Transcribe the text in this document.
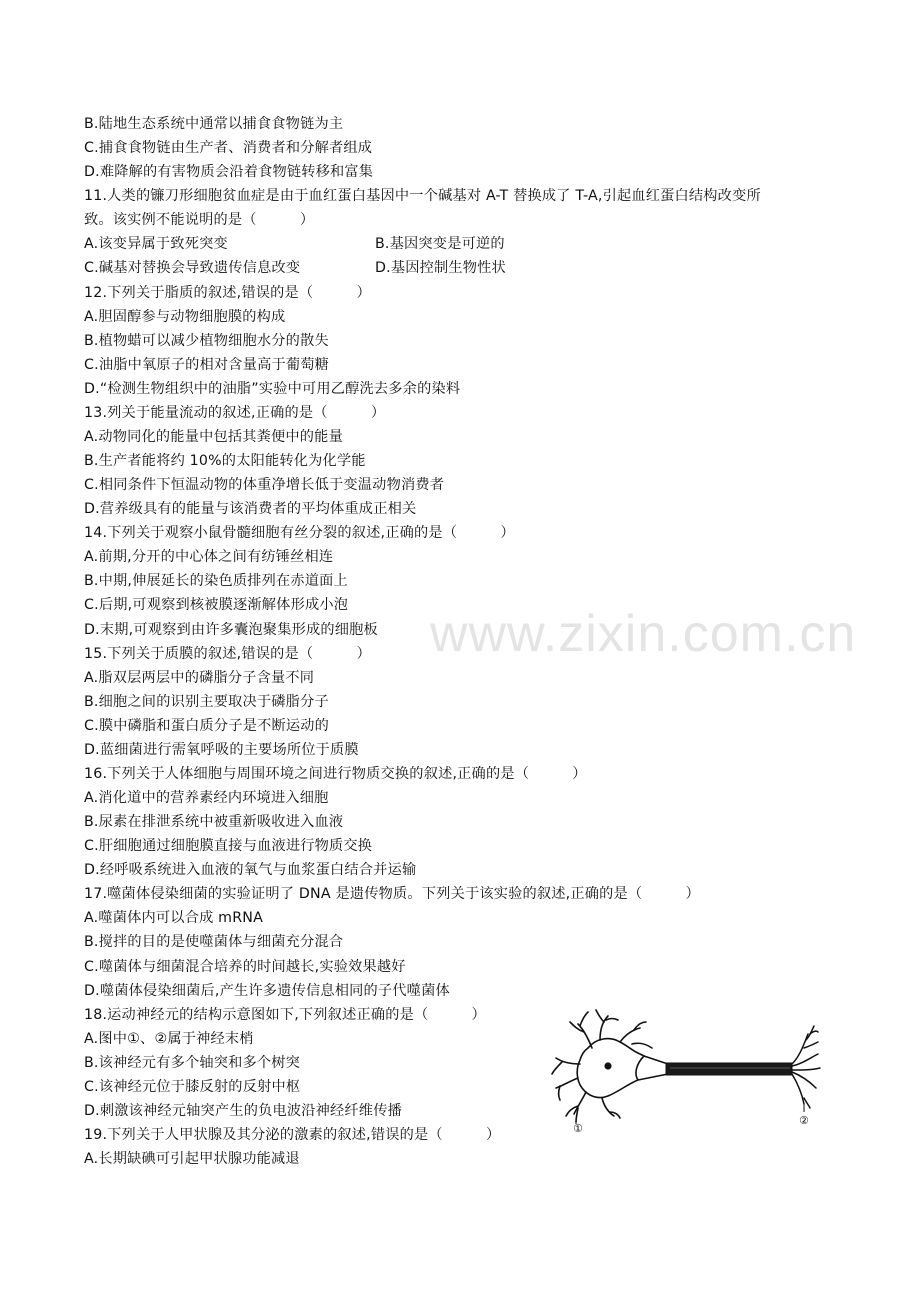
www.zixin.com.cn
B.陆地生态系统中通常以捕食食物链为主
C.捕食食物链由生产者、消费者和分解者组成
D.难降解的有害物质会沿着食物链转移和富集
11.人类的镰刀形细胞贫血症是由于血红蛋白基因中一个碱基对 A-T 替换成了 T-A,引起血红蛋白结构改变所
致。该实例不能说明的是（　　　）
A.该变异属于致死突变	B.基因突变是可逆的
C.碱基对替换会导致遗传信息改变	D.基因控制生物性状
12.下列关于脂质的叙述,错误的是（　　　）
A.胆固醇参与动物细胞膜的构成
B.植物蜡可以减少植物细胞水分的散失
C.油脂中氧原子的相对含量高于葡萄糖
D.“检测生物组织中的油脂”实验中可用乙醇洗去多余的染料
13.列关于能量流动的叙述,正确的是（　　　）
A.动物同化的能量中包括其粪便中的能量
B.生产者能将约 10%的太阳能转化为化学能
C.相同条件下恒温动物的体重净增长低于变温动物消费者
D.营养级具有的能量与该消费者的平均体重成正相关
14.下列关于观察小鼠骨髓细胞有丝分裂的叙述,正确的是（　　　）
A.前期,分开的中心体之间有纺锤丝相连
B.中期,伸展延长的染色质排列在赤道面上
C.后期,可观察到核被膜逐渐解体形成小泡
D.末期,可观察到由许多囊泡聚集形成的细胞板
15.下列关于质膜的叙述,错误的是（　　　）
A.脂双层两层中的磷脂分子含量不同
B.细胞之间的识别主要取决于磷脂分子
C.膜中磷脂和蛋白质分子是不断运动的
D.蓝细菌进行需氧呼吸的主要场所位于质膜
16.下列关于人体细胞与周围环境之间进行物质交换的叙述,正确的是（　　　）
A.消化道中的营养素经内环境进入细胞
B.尿素在排泄系统中被重新吸收进入血液
C.肝细胞通过细胞膜直接与血液进行物质交换
D.经呼吸系统进入血液的氧气与血浆蛋白结合并运输
17.噬菌体侵染细菌的实验证明了 DNA 是遗传物质。下列关于该实验的叙述,正确的是（　　　）
A.噬菌体内可以合成 mRNA
B.搅拌的目的是使噬菌体与细菌充分混合
C.噬菌体与细菌混合培养的时间越长,实验效果越好
D.噬菌体侵染细菌后,产生许多遗传信息相同的子代噬菌体
18.运动神经元的结构示意图如下,下列叙述正确的是（　　　）
A.图中①、②属于神经末梢
B.该神经元有多个轴突和多个树突
C.该神经元位于膝反射的反射中枢
D.刺激该神经元轴突产生的负电波沿神经纤维传播
19.下列关于人甲状腺及其分泌的激素的叙述,错误的是（　　　）
A.长期缺碘可引起甲状腺功能减退
①
②
